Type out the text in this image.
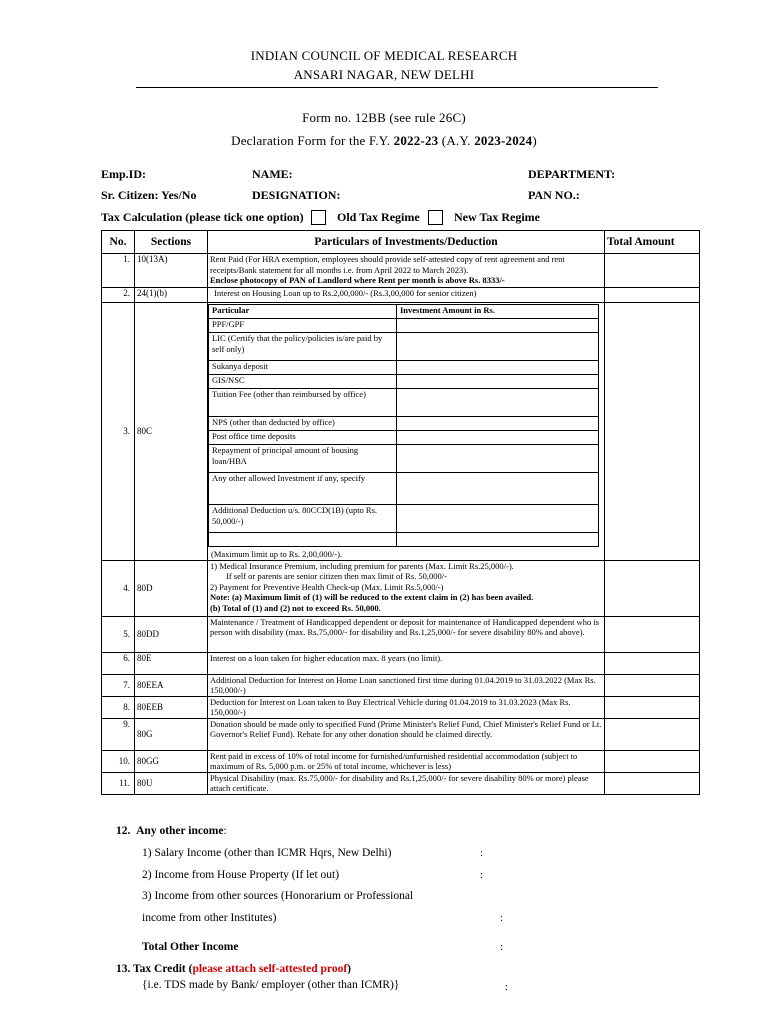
INDIAN COUNCIL OF MEDICAL RESEARCH
ANSARI NAGAR, NEW DELHI
Form no. 12BB (see rule 26C)
Declaration Form for the F.Y. 2022-23 (A.Y. 2023-2024)
Emp.ID:	NAME:	DEPARTMENT:
Sr. Citizen: Yes/No	DESIGNATION:	PAN NO.:
Tax Calculation (please tick one option)	Old Tax Regime	New Tax Regime
No.	Sections	Particulars of Investments/Deduction	Total Amount
1.	10(13A)	Rent Paid (For HRA exemption, employees should provide self-attested copy of rent agreement and rent receipts/Bank statement for all months i.e. from April 2022 to March 2023).
Enclose photocopy of PAN of Landlord where Rent per month is above Rs. 8333/-

2.	24(1)(b)	Interest on Housing Loan up to Rs.2,00,000/- (Rs.3,00,000 for senior citizen)	
3.	80C	
Particular	Investment Amount in Rs.
PPF/GPF	
LIC (Certify that the policy/policies is/are paid by self only)	
Sukanya deposit	
GIS/NSC	
Tuition Fee (other than reimbursed by office)	
NPS (other than deducted by office)	
Post office time deposits	
Repayment of principal amount of housing loan/HBA	
Any other allowed Investment if any, specify	
Additional Deduction u/s. 80CCD(1B) (upto Rs. 50,000/-)	

(Maximum limit up to Rs. 2,00,000/-).

4.	80D	
1) Medical Insurance Premium, including premium for parents (Max. Limit Rs.25,000/-).
If self or parents are senior citizen then max limit of Rs. 50,000/-
2) Payment for Preventive Health Check-up (Max. Limit Rs.5,000/-)
Note: (a) Maximum limit of (1) will be reduced to the extent claim in (2) has been availed.
(b) Total of (1) and (2) not to exceed Rs. 50,000.

5.	80DD	Maintenance / Treatment of Handicapped dependent or deposit for maintenance of Handicapped dependent who is person with disability (max. Rs.75,000/- for disability and Rs.1,25,000/- for severe disability 80% and above).	
6.	80E	Interest on a loan taken for higher education max. 8 years (no limit).	
7.	80EEA	Additional Deduction for Interest on Home Loan sanctioned first time during 01.04.2019 to 31.03.2022 (Max Rs. 150,000/-)	
8.	80EEB	Deduction for Interest on Loan taken to Buy Electrical Vehicle during 01.04.2019 to 31.03.2023 (Max Rs. 150,000/-)	
9.	80G	Donation should be made only to specified Fund (Prime Minister's Relief Fund, Chief Minister's Relief Fund or Lt. Governor's Relief Fund). Rebate for any other donation should be claimed directly.	
10.	80GG	Rent paid in excess of 10% of total income for furnished/unfurnished residential accommodation (subject to maximum of Rs. 5,000 p.m. or 25% of total income, whichever is less)	
11.	80U	Physical Disability (max. Rs.75,000/- for disability and Rs.1,25,000/- for severe disability 80% or more) please attach certificate.	
12. Any other income:
1) Salary Income (other than ICMR Hqrs, New Delhi)	:
2) Income from House Property (If let out)	:
3) Income from other sources (Honorarium or Professional
income from other Institutes)	:
Total Other Income	:
13. Tax Credit (please attach self-attested proof)
{i.e. TDS made by Bank/ employer (other than ICMR)}	:
